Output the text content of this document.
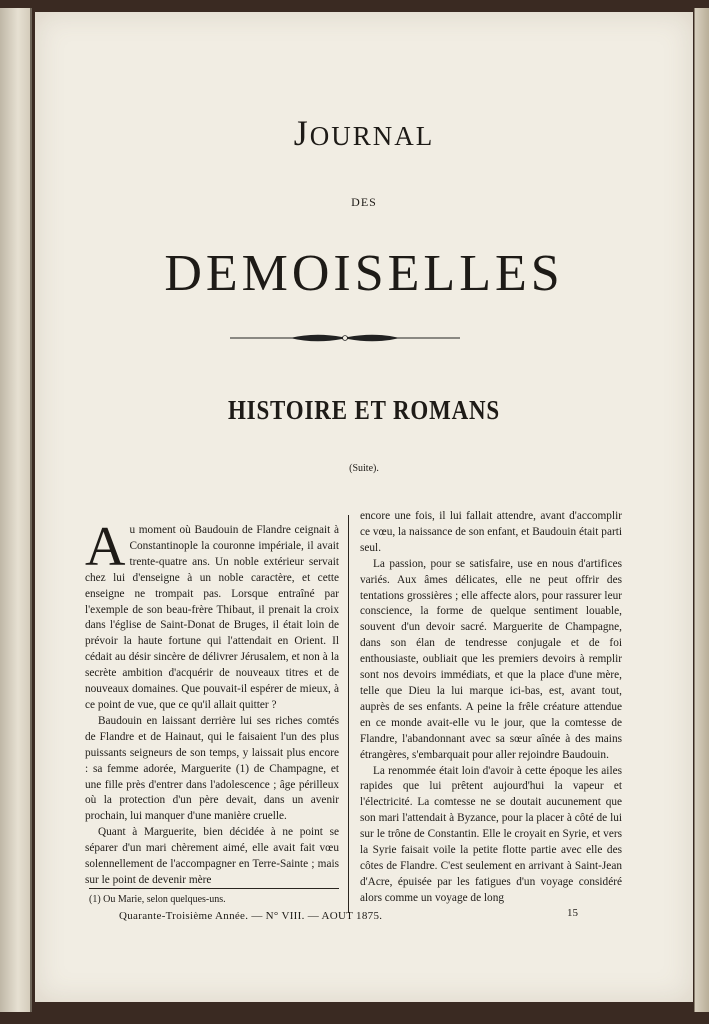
JOURNAL
DES
DEMOISELLES
HISTOIRE ET ROMANS
(Suite).
A u moment où Baudouin de Flandre ceignait à Constantinople la couronne impériale, il avait trente-quatre ans. Un noble extérieur servait chez lui d'enseigne à un noble caractère, et cette enseigne ne trompait pas. Lorsque entraîné par l'exemple de son beau-frère Thibaut, il prenait la croix dans l'église de Saint-Donat de Bruges, il était loin de prévoir la haute fortune qui l'attendait en Orient. Il cédait au désir sincère de délivrer Jérusalem, et non à la secrète ambition d'acquérir de nouveaux titres et de nouveaux domaines. Que pouvait-il espérer de mieux, à ce point de vue, que ce qu'il allait quitter ?

Baudouin en laissant derrière lui ses riches comtés de Flandre et de Hainaut, qui le faisaient l'un des plus puissants seigneurs de son temps, y laissait plus encore : sa femme adorée, Marguerite (1) de Champagne, et une fille près d'entrer dans l'adolescence ; âge périlleux où la protection d'un père devait, dans un avenir prochain, lui manquer d'une manière cruelle.

Quant à Marguerite, bien décidée à ne point se séparer d'un mari chèrement aimé, elle avait fait vœu solennellement de l'accompagner en Terre-Sainte ; mais sur le point de devenir mère

encore une fois, il lui fallait attendre, avant d'accomplir ce vœu, la naissance de son enfant, et Baudouin était parti seul.

La passion, pour se satisfaire, use en nous d'artifices variés. Aux âmes délicates, elle ne peut offrir des tentations grossières ; elle affecte alors, pour rassurer leur conscience, la forme de quelque sentiment louable, souvent d'un devoir sacré. Marguerite de Champagne, dans son élan de tendresse conjugale et de foi enthousiaste, oubliait que les premiers devoirs à remplir sont nos devoirs immédiats, et que la place d'une mère, telle que Dieu la lui marque ici-bas, est, avant tout, auprès de ses enfants. A peine la frêle créature attendue en ce monde avait-elle vu le jour, que la comtesse de Flandre, l'abandonnant avec sa sœur aînée à des mains étrangères, s'embarquait pour aller rejoindre Baudouin.

La renommée était loin d'avoir à cette époque les ailes rapides que lui prêtent aujourd'hui la vapeur et l'électricité. La comtesse ne se doutait aucunement que son mari l'attendait à Byzance, pour la placer à côté de lui sur le trône de Constantin. Elle le croyait en Syrie, et vers la Syrie faisait voile la petite flotte partie avec elle des côtes de Flandre. C'est seulement en arrivant à Saint-Jean d'Acre, épuisée par les fatigues d'un voyage considéré alors comme un voyage de long

(1) Ou Marie, selon quelques-uns.
Quarante-Troisième Année. — N° VIII. — AOUT 1875.	15
